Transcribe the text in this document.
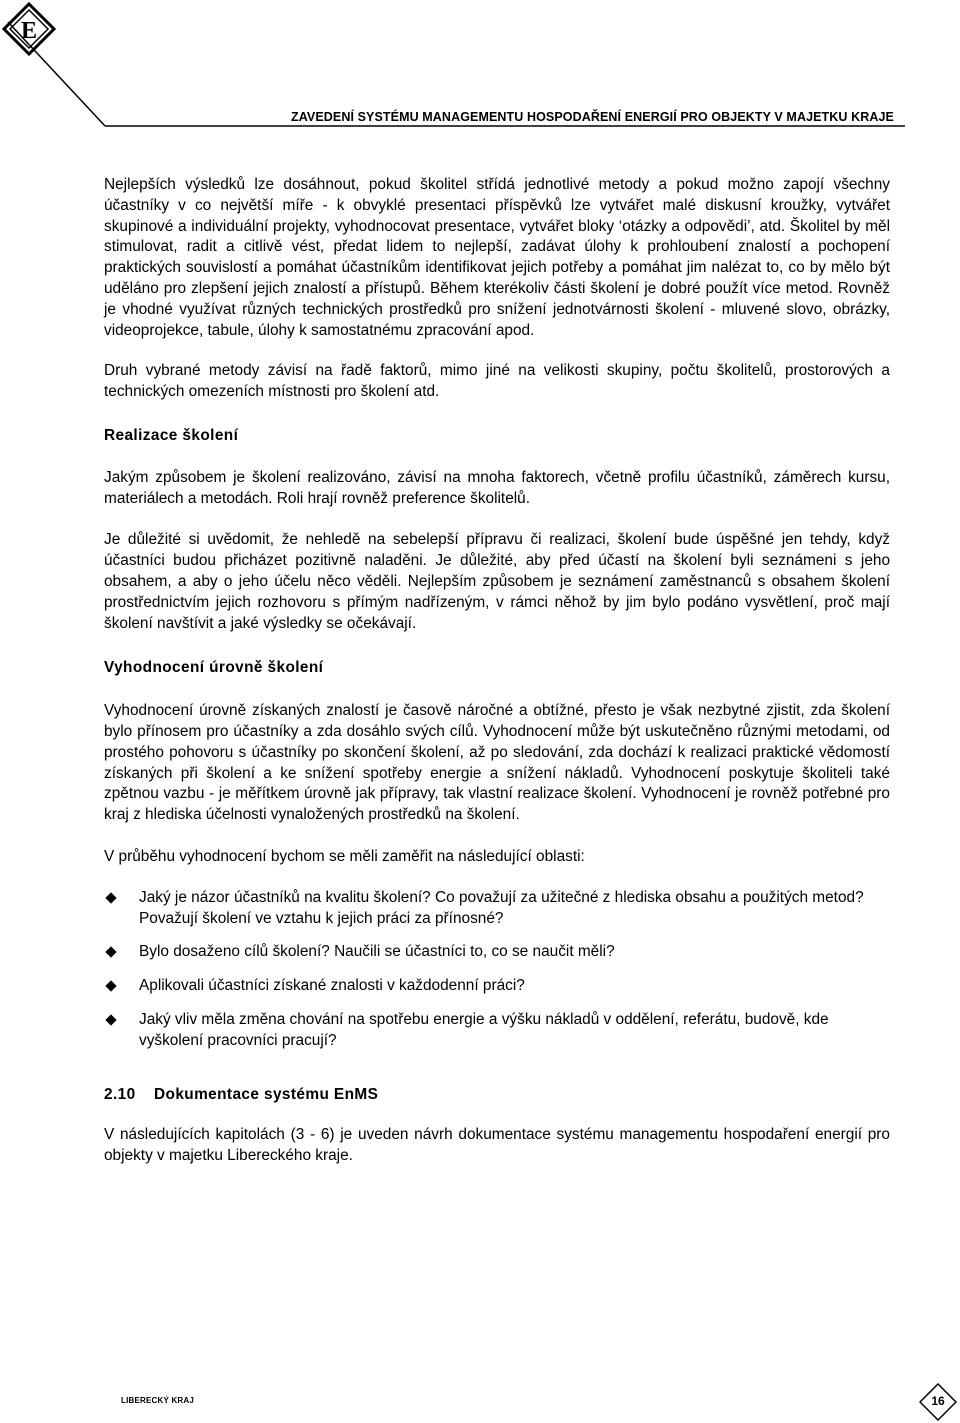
E
ZAVEDENÍ SYSTÉMU MANAGEMENTU HOSPODAŘENÍ ENERGIÍ PRO OBJEKTY V MAJETKU KRAJE

Nejlepších výsledků lze dosáhnout, pokud školitel střídá jednotlivé metody a pokud možno zapojí všechny účastníky v co největší míře - k obvyklé presentaci příspěvků lze vytvářet malé diskusní kroužky, vytvářet skupinové a individuální projekty, vyhodnocovat presentace, vytvářet bloky ‘otázky a odpovědi’, atd. Školitel by měl stimulovat, radit a citlivě vést, předat lidem to nejlepší, zadávat úlohy k prohloubení znalostí a pochopení praktických souvislostí a pomáhat účastníkům identifikovat jejich potřeby a pomáhat jim nalézat to, co by mělo být uděláno pro zlepšení jejich znalostí a přístupů. Během kterékoliv části školení je dobré použít více metod. Rovněž je vhodné využívat různých technických prostředků pro snížení jednotvárnosti školení - mluvené slovo, obrázky, videoprojekce, tabule, úlohy k samostatnému zpracování apod.

Druh vybrané metody závisí na řadě faktorů, mimo jiné na velikosti skupiny, počtu školitelů, prostorových a technických omezeních místnosti pro školení atd.

Realizace školení

Jakým způsobem je školení realizováno, závisí na mnoha faktorech, včetně profilu účastníků, záměrech kursu, materiálech a metodách. Roli hrají rovněž preference školitelů.

Je důležité si uvědomit, že nehledě na sebelepší přípravu či realizaci, školení bude úspěšné jen tehdy, když účastníci budou přicházet pozitivně naladěni. Je důležité, aby před účastí na školení byli seznámeni s jeho obsahem, a aby o jeho účelu něco věděli. Nejlepším způsobem je seznámení zaměstnanců s obsahem školení prostřednictvím jejich rozhovoru s přímým nadřízeným, v rámci něhož by jim bylo podáno vysvětlení, proč mají školení navštívit a jaké výsledky se očekávají.

Vyhodnocení úrovně školení

Vyhodnocení úrovně získaných znalostí je časově náročné a obtížné, přesto je však nezbytné zjistit, zda školení bylo přínosem pro účastníky a zda dosáhlo svých cílů. Vyhodnocení může být uskutečněno různými metodami, od prostého pohovoru s účastníky po skončení školení, až po sledování, zda dochází k realizaci praktické vědomostí získaných při školení a ke snížení spotřeby energie a snížení nákladů. Vyhodnocení poskytuje školiteli také zpětnou vazbu - je měřítkem úrovně jak přípravy, tak vlastní realizace školení. Vyhodnocení je rovněž potřebné pro kraj z hlediska účelnosti vynaložených prostředků na školení.

V průběhu vyhodnocení bychom se měli zaměřit na následující oblasti:

Jaký je názor účastníků na kvalitu školení? Co považují za užitečné z hlediska obsahu a použitých metod? Považují školení ve vztahu k jejich práci za přínosné?
Bylo dosaženo cílů školení? Naučili se účastníci to, co se naučit měli?
Aplikovali účastníci získané znalosti v každodenní práci?
Jaký vliv měla změna chování na spotřebu energie a výšku nákladů v oddělení, referátu, budově, kde vyškolení pracovníci pracují?

2.10 Dokumentace systému EnMS

V následujících kapitolách (3 - 6) je uveden návrh dokumentace systému managementu hospodaření energií pro objekty v majetku Libereckého kraje.

LIBERECKÝ KRAJ	16
